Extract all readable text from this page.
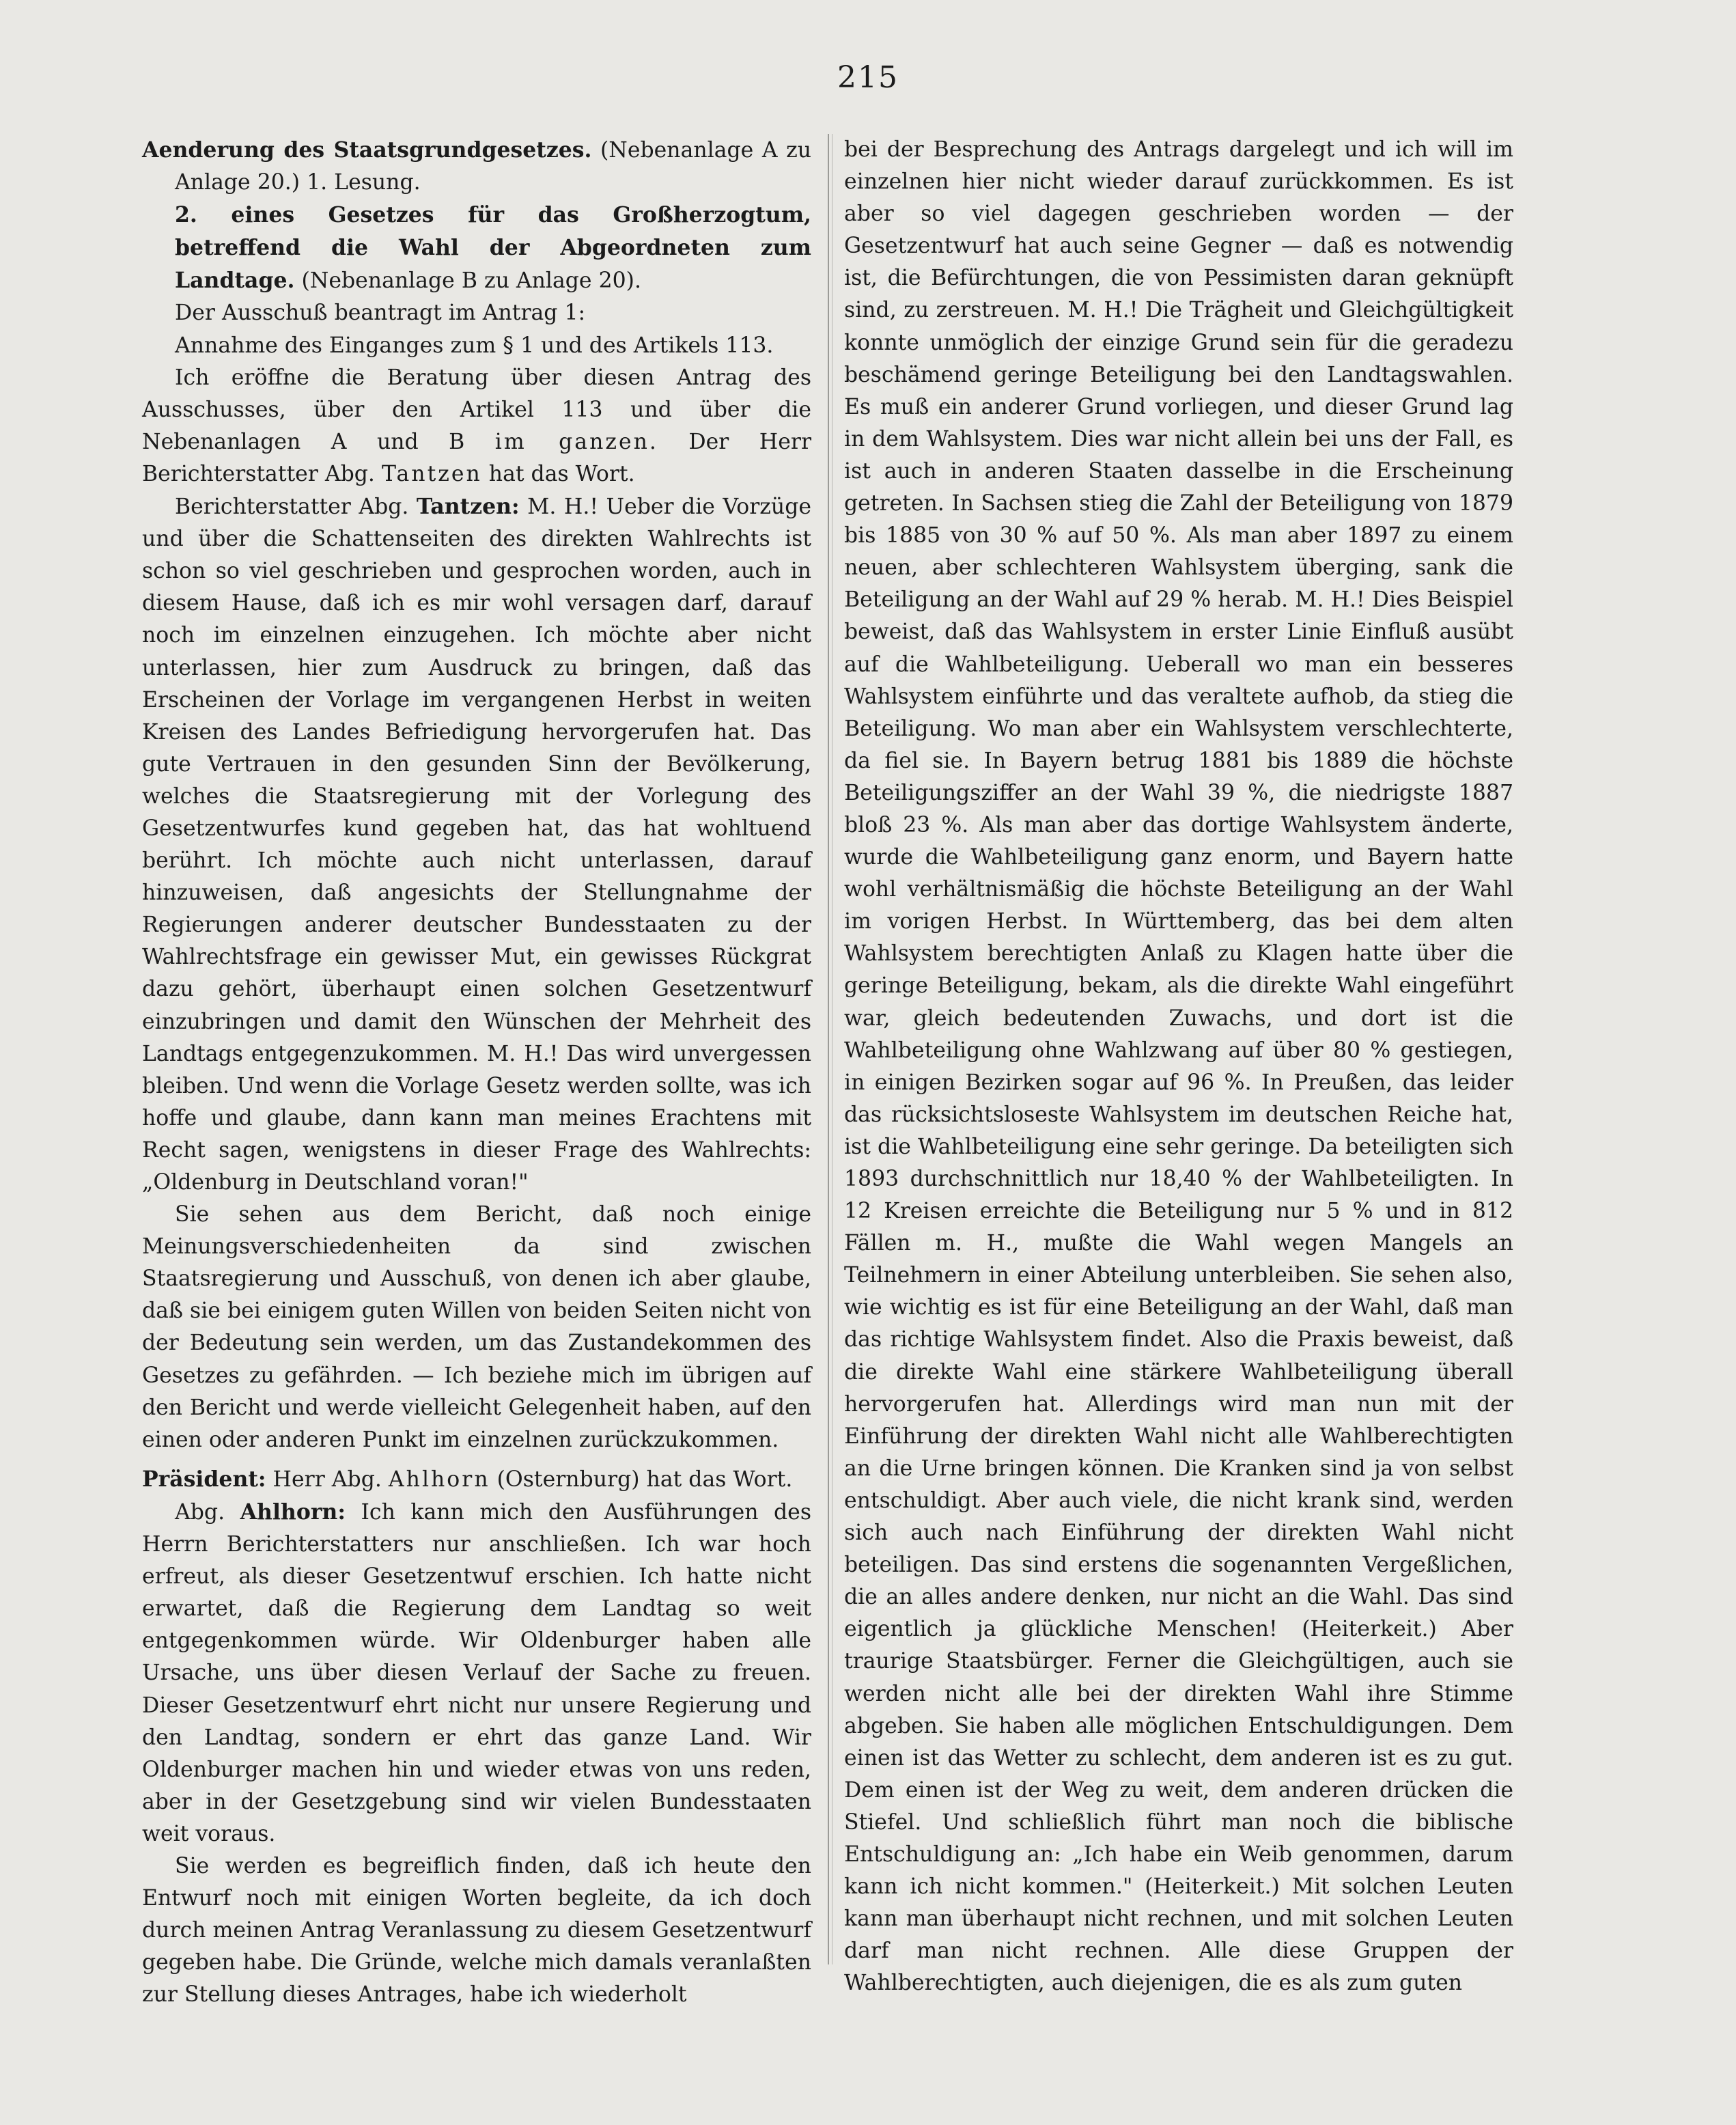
215

Aenderung des Staatsgrundgesetzes. (Nebenanlage A zu Anlage 20.) 1. Lesung.

2. eines Gesetzes für das Großherzogtum, betreffend die Wahl der Abgeordneten zum Landtage. (Nebenanlage B zu Anlage 20).

Der Ausschuß beantragt im Antrag 1:

Annahme des Einganges zum § 1 und des Artikels 113.

Ich eröffne die Beratung über diesen Antrag des Ausschusses, über den Artikel 113 und über die Nebenanlagen A und B im ganzen. Der Herr Berichterstatter Abg. Tantzen hat das Wort.

Berichterstatter Abg. Tantzen: M. H.! Ueber die Vorzüge und über die Schattenseiten des direkten Wahlrechts ist schon so viel geschrieben und gesprochen worden, auch in diesem Hause, daß ich es mir wohl versagen darf, darauf noch im einzelnen einzugehen. Ich möchte aber nicht unterlassen, hier zum Ausdruck zu bringen, daß das Erscheinen der Vorlage im vergangenen Herbst in weiten Kreisen des Landes Befriedigung hervorgerufen hat. Das gute Vertrauen in den gesunden Sinn der Bevölkerung, welches die Staatsregierung mit der Vorlegung des Gesetzentwurfes kund gegeben hat, das hat wohltuend berührt. Ich möchte auch nicht unterlassen, darauf hinzuweisen, daß angesichts der Stellungnahme der Regierungen anderer deutscher Bundesstaaten zu der Wahlrechtsfrage ein gewisser Mut, ein gewisses Rückgrat dazu gehört, überhaupt einen solchen Gesetzentwurf einzubringen und damit den Wünschen der Mehrheit des Landtags entgegenzukommen. M. H.! Das wird unvergessen bleiben. Und wenn die Vorlage Gesetz werden sollte, was ich hoffe und glaube, dann kann man meines Erachtens mit Recht sagen, wenigstens in dieser Frage des Wahlrechts: „Oldenburg in Deutschland voran!"

Sie sehen aus dem Bericht, daß noch einige Meinungsverschiedenheiten da sind zwischen Staatsregierung und Ausschuß, von denen ich aber glaube, daß sie bei einigem guten Willen von beiden Seiten nicht von der Bedeutung sein werden, um das Zustandekommen des Gesetzes zu gefährden. — Ich beziehe mich im übrigen auf den Bericht und werde vielleicht Gelegenheit haben, auf den einen oder anderen Punkt im einzelnen zurückzukommen.

Präsident: Herr Abg. Ahlhorn (Osternburg) hat das Wort.

Abg. Ahlhorn: Ich kann mich den Ausführungen des Herrn Berichterstatters nur anschließen. Ich war hoch erfreut, als dieser Gesetzentwuf erschien. Ich hatte nicht erwartet, daß die Regierung dem Landtag so weit entgegenkommen würde. Wir Oldenburger haben alle Ursache, uns über diesen Verlauf der Sache zu freuen. Dieser Gesetzentwurf ehrt nicht nur unsere Regierung und den Landtag, sondern er ehrt das ganze Land. Wir Oldenburger machen hin und wieder etwas von uns reden, aber in der Gesetzgebung sind wir vielen Bundesstaaten weit voraus.

Sie werden es begreiflich finden, daß ich heute den Entwurf noch mit einigen Worten begleite, da ich doch durch meinen Antrag Veranlassung zu diesem Gesetzentwurf gegeben habe. Die Gründe, welche mich damals veranlaßten zur Stellung dieses Antrages, habe ich wiederholt

bei der Besprechung des Antrags dargelegt und ich will im einzelnen hier nicht wieder darauf zurückkommen. Es ist aber so viel dagegen geschrieben worden — der Gesetzentwurf hat auch seine Gegner — daß es notwendig ist, die Befürchtungen, die von Pessimisten daran geknüpft sind, zu zerstreuen. M. H.! Die Trägheit und Gleichgültigkeit konnte unmöglich der einzige Grund sein für die geradezu beschämend geringe Beteiligung bei den Landtagswahlen. Es muß ein anderer Grund vorliegen, und dieser Grund lag in dem Wahlsystem. Dies war nicht allein bei uns der Fall, es ist auch in anderen Staaten dasselbe in die Erscheinung getreten. In Sachsen stieg die Zahl der Beteiligung von 1879 bis 1885 von 30 % auf 50 %. Als man aber 1897 zu einem neuen, aber schlechteren Wahlsystem überging, sank die Beteiligung an der Wahl auf 29 % herab. M. H.! Dies Beispiel beweist, daß das Wahlsystem in erster Linie Einfluß ausübt auf die Wahlbeteiligung. Ueberall wo man ein besseres Wahlsystem einführte und das veraltete aufhob, da stieg die Beteiligung. Wo man aber ein Wahlsystem verschlechterte, da fiel sie. In Bayern betrug 1881 bis 1889 die höchste Beteiligungsziffer an der Wahl 39 %, die niedrigste 1887 bloß 23 %. Als man aber das dortige Wahlsystem änderte, wurde die Wahlbeteiligung ganz enorm, und Bayern hatte wohl verhältnismäßig die höchste Beteiligung an der Wahl im vorigen Herbst. In Württemberg, das bei dem alten Wahlsystem berechtigten Anlaß zu Klagen hatte über die geringe Beteiligung, bekam, als die direkte Wahl eingeführt war, gleich bedeutenden Zuwachs, und dort ist die Wahlbeteiligung ohne Wahlzwang auf über 80 % gestiegen, in einigen Bezirken sogar auf 96 %. In Preußen, das leider das rücksichtsloseste Wahlsystem im deutschen Reiche hat, ist die Wahlbeteiligung eine sehr geringe. Da beteiligten sich 1893 durchschnittlich nur 18,40 % der Wahlbeteiligten. In 12 Kreisen erreichte die Beteiligung nur 5 % und in 812 Fällen m. H., mußte die Wahl wegen Mangels an Teilnehmern in einer Abteilung unterbleiben. Sie sehen also, wie wichtig es ist für eine Beteiligung an der Wahl, daß man das richtige Wahlsystem findet. Also die Praxis beweist, daß die direkte Wahl eine stärkere Wahlbeteiligung überall hervorgerufen hat. Allerdings wird man nun mit der Einführung der direkten Wahl nicht alle Wahlberechtigten an die Urne bringen können. Die Kranken sind ja von selbst entschuldigt. Aber auch viele, die nicht krank sind, werden sich auch nach Einführung der direkten Wahl nicht beteiligen. Das sind erstens die sogenannten Vergeßlichen, die an alles andere denken, nur nicht an die Wahl. Das sind eigentlich ja glückliche Menschen! (Heiterkeit.) Aber traurige Staatsbürger. Ferner die Gleichgültigen, auch sie werden nicht alle bei der direkten Wahl ihre Stimme abgeben. Sie haben alle möglichen Entschuldigungen. Dem einen ist das Wetter zu schlecht, dem anderen ist es zu gut. Dem einen ist der Weg zu weit, dem anderen drücken die Stiefel. Und schließlich führt man noch die biblische Entschuldigung an: „Ich habe ein Weib genommen, darum kann ich nicht kommen." (Heiterkeit.) Mit solchen Leuten kann man überhaupt nicht rechnen, und mit solchen Leuten darf man nicht rechnen. Alle diese Gruppen der Wahlberechtigten, auch diejenigen, die es als zum guten
